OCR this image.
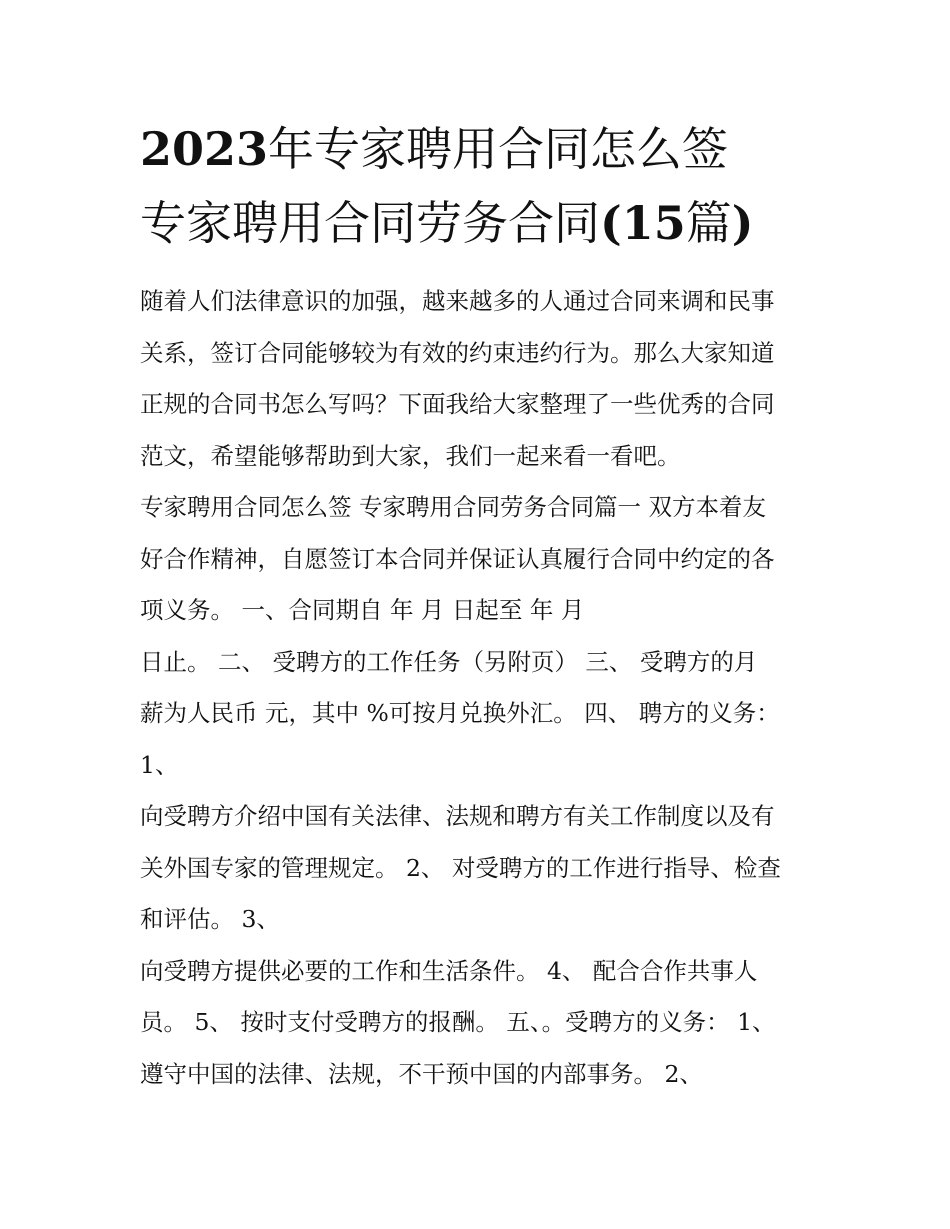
2023年专家聘用合同怎么签
专家聘用合同劳务合同(15篇)
随着人们法律意识的加强，越来越多的人通过合同来调和民事
关系，签订合同能够较为有效的约束违约行为。那么大家知道
正规的合同书怎么写吗？下面我给大家整理了一些优秀的合同
范文，希望能够帮助到大家，我们一起来看一看吧。
专家聘用合同怎么签 专家聘用合同劳务合同篇一 双方本着友
好合作精神，自愿签订本合同并保证认真履行合同中约定的各
项义务。 一、合同期自 年 月 日起至 年 月
日止。 二、 受聘方的工作任务（另附页） 三、 受聘方的月
薪为人民币 元，其中 %可按月兑换外汇。 四、 聘方的义务：
1、
向受聘方介绍中国有关法律、法规和聘方有关工作制度以及有
关外国专家的管理规定。 2、 对受聘方的工作进行指导、检查
和评估。 3、
向受聘方提供必要的工作和生活条件。 4、 配合合作共事人
员。 5、 按时支付受聘方的报酬。 五、。受聘方的义务： 1、
遵守中国的法律、法规，不干预中国的内部事务。 2、
